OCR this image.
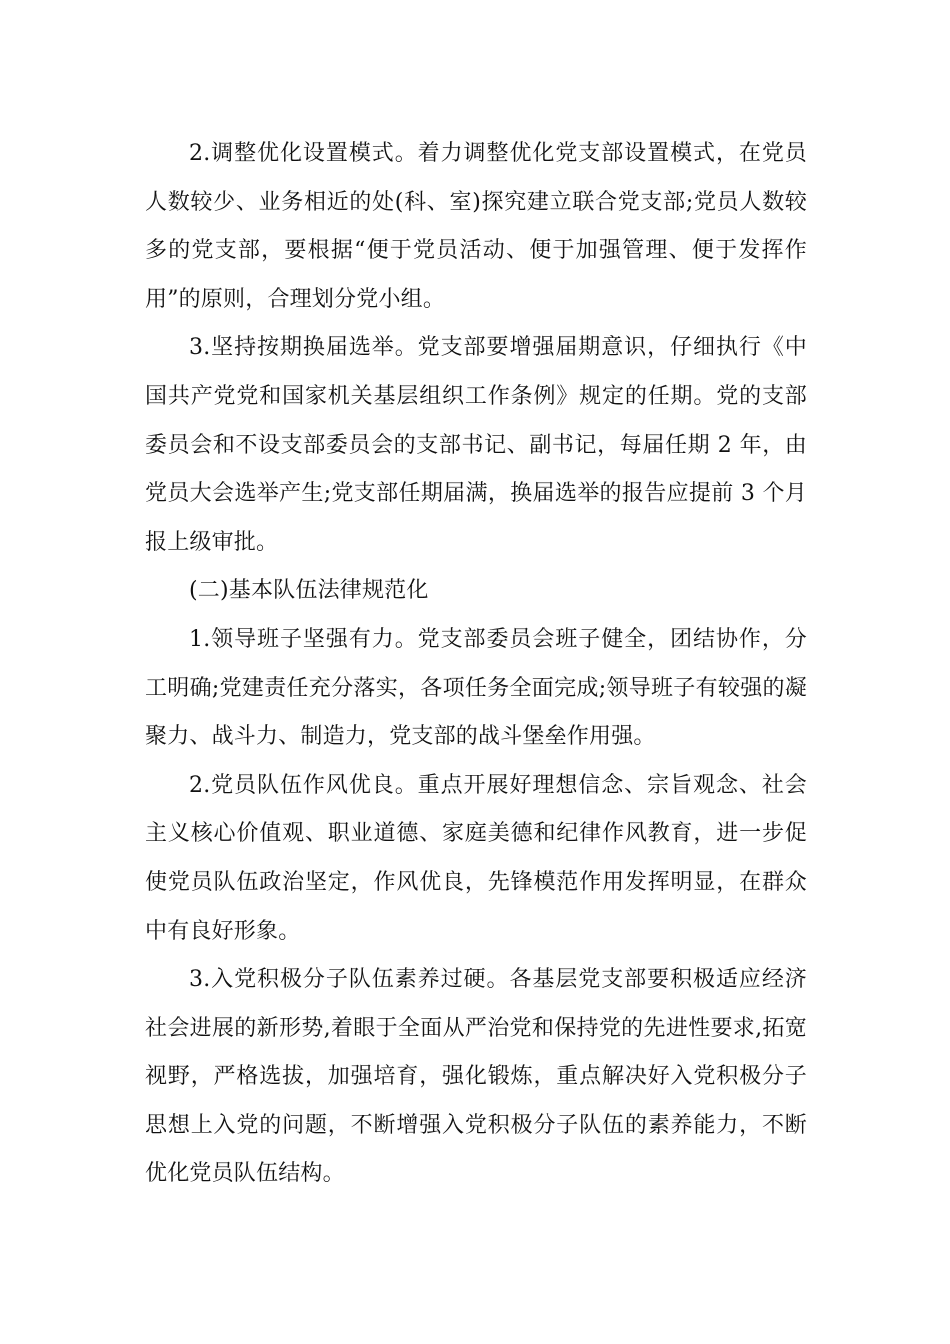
2.调整优化设置模式。着力调整优化党支部设置模式，在党员人数较少、业务相近的处(科、室)探究建立联合党支部;党员人数较多的党支部，要根据“便于党员活动、便于加强管理、便于发挥作用”的原则，合理划分党小组。

3.坚持按期换届选举。党支部要增强届期意识，仔细执行《中国共产党党和国家机关基层组织工作条例》规定的任期。党的支部委员会和不设支部委员会的支部书记、副书记，每届任期 2 年，由党员大会选举产生;党支部任期届满，换届选举的报告应提前 3 个月报上级审批。

(二)基本队伍法律规范化

1.领导班子坚强有力。党支部委员会班子健全，团结协作，分工明确;党建责任充分落实，各项任务全面完成;领导班子有较强的凝聚力、战斗力、制造力，党支部的战斗堡垒作用强。

2.党员队伍作风优良。重点开展好理想信念、宗旨观念、社会主义核心价值观、职业道德、家庭美德和纪律作风教育，进一步促使党员队伍政治坚定，作风优良，先锋模范作用发挥明显，在群众中有良好形象。

3.入党积极分子队伍素养过硬。各基层党支部要积极适应经济社会进展的新形势,着眼于全面从严治党和保持党的先进性要求,拓宽视野，严格选拔，加强培育，强化锻炼，重点解决好入党积极分子思想上入党的问题，不断增强入党积极分子队伍的素养能力，不断优化党员队伍结构。
